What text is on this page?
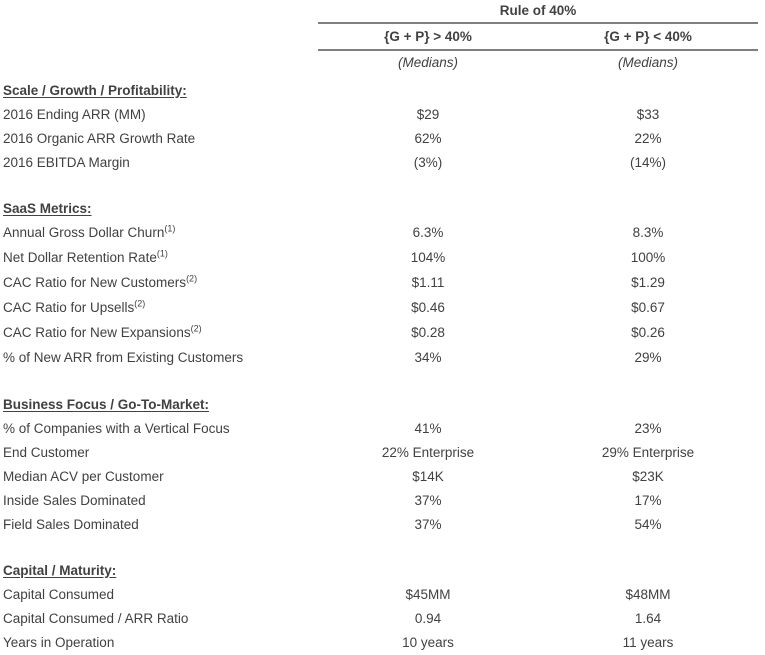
Rule of 40%
{G + P} > 40%	{G + P} < 40%
(Medians)	(Medians)
Scale / Growth / Profitability:
2016 Ending ARR (MM)	$29	$33
2016 Organic ARR Growth Rate	62%	22%
2016 EBITDA Margin	(3%)	(14%)
SaaS Metrics:
Annual Gross Dollar Churn$^{(1)}$	6.3%	8.3%
Net Dollar Retention Rate$^{(1)}$	104%	100%
CAC Ratio for New Customers$^{(2)}$	$1.11	$1.29
CAC Ratio for Upsells$^{(2)}$	$0.46	$0.67
CAC Ratio for New Expansions$^{(2)}$	$0.28	$0.26
% of New ARR from Existing Customers	34%	29%
Business Focus / Go-To-Market:
% of Companies with a Vertical Focus	41%	23%
End Customer	22% Enterprise	29% Enterprise
Median ACV per Customer	$14K	$23K
Inside Sales Dominated	37%	17%
Field Sales Dominated	37%	54%
Capital / Maturity:
Capital Consumed	$45MM	$48MM
Capital Consumed / ARR Ratio	0.94	1.64
Years in Operation	10 years	11 years
